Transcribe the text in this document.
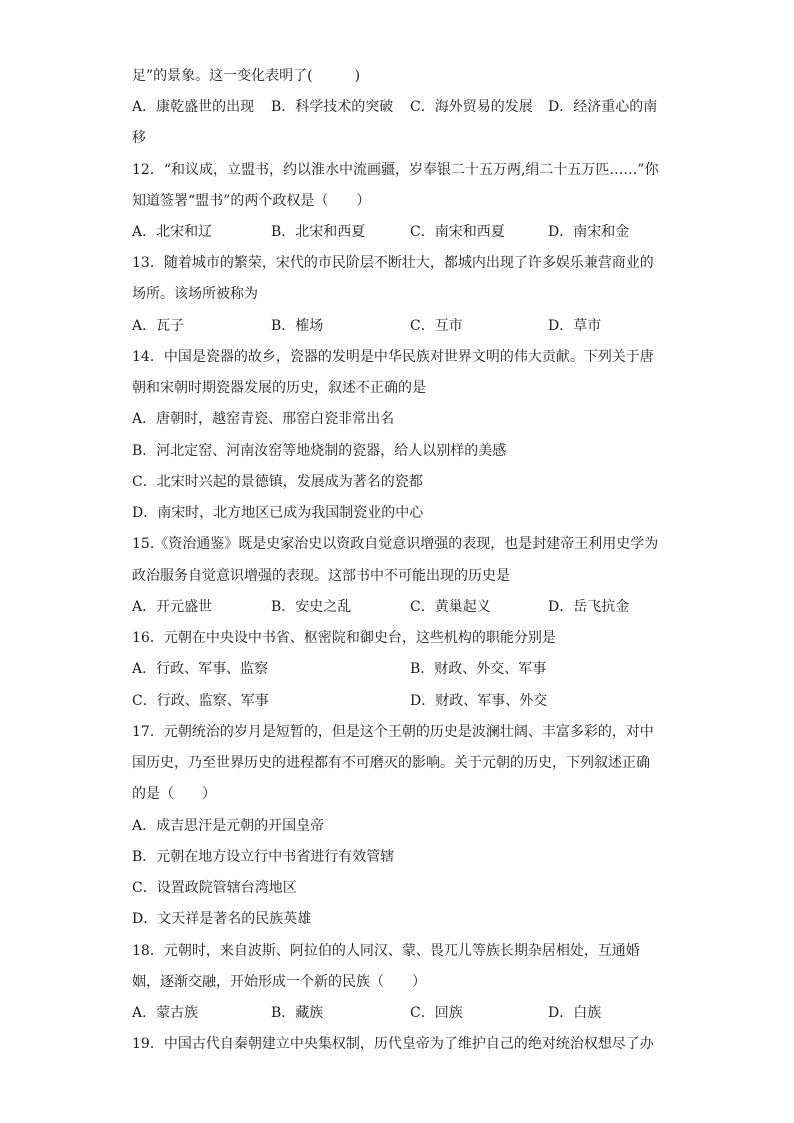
足”的景象。这一变化表明了(　　　)
A．康乾盛世的出现 B．科学技术的突破 C．海外贸易的发展 D．经济重心的南
移
12．“和议成，立盟书，约以淮水中流画疆，岁奉银二十五万两,绢二十五万匹……”你
知道签署“盟书”的两个政权是（　　）
A．北宋和辽	B．北宋和西夏	C．南宋和西夏	D．南宋和金
13．随着城市的繁荣，宋代的市民阶层不断壮大，都城内出现了许多娱乐兼营商业的
场所。该场所被称为
A．瓦子	B．榷场	C．互市	D．草市
14．中国是瓷器的故乡，瓷器的发明是中华民族对世界文明的伟大贡献。下列关于唐
朝和宋朝时期瓷器发展的历史，叙述不正确的是
A．唐朝时，越窑青瓷、邢窑白瓷非常出名
B．河北定窑、河南汝窑等地烧制的瓷器，给人以别样的美感
C．北宋时兴起的景德镇，发展成为著名的瓷都
D．南宋时，北方地区已成为我国制瓷业的中心
15.《资治通鉴》既是史家治史以资政自觉意识增强的表现，也是封建帝王利用史学为
政治服务自觉意识增强的表现。这部书中不可能出现的历史是
A．开元盛世	B．安史之乱	C．黄巢起义	D．岳飞抗金
16．元朝在中央设中书省、枢密院和御史台，这些机构的职能分别是
A．行政、军事、监察	B．财政、外交、军事
C．行政、监察、军事	D．财政、军事、外交
17．元朝统治的岁月是短暂的，但是这个王朝的历史是波澜壮阔、丰富多彩的，对中
国历史，乃至世界历史的进程都有不可磨灭的影响。关于元朝的历史，下列叙述正确
的是（　　）
A．成吉思汗是元朝的开国皇帝
B．元朝在地方设立行中书省进行有效管辖
C．设置政院管辖台湾地区
D．文天祥是著名的民族英雄
18．元朝时，来自波斯、阿拉伯的人同汉、蒙、畏兀儿等族长期杂居相处，互通婚
姻，逐渐交融，开始形成一个新的民族（　　）
A．蒙古族	B．藏族	C．回族	D．白族
19．中国古代自秦朝建立中央集权制，历代皇帝为了维护自己的绝对统治权想尽了办
